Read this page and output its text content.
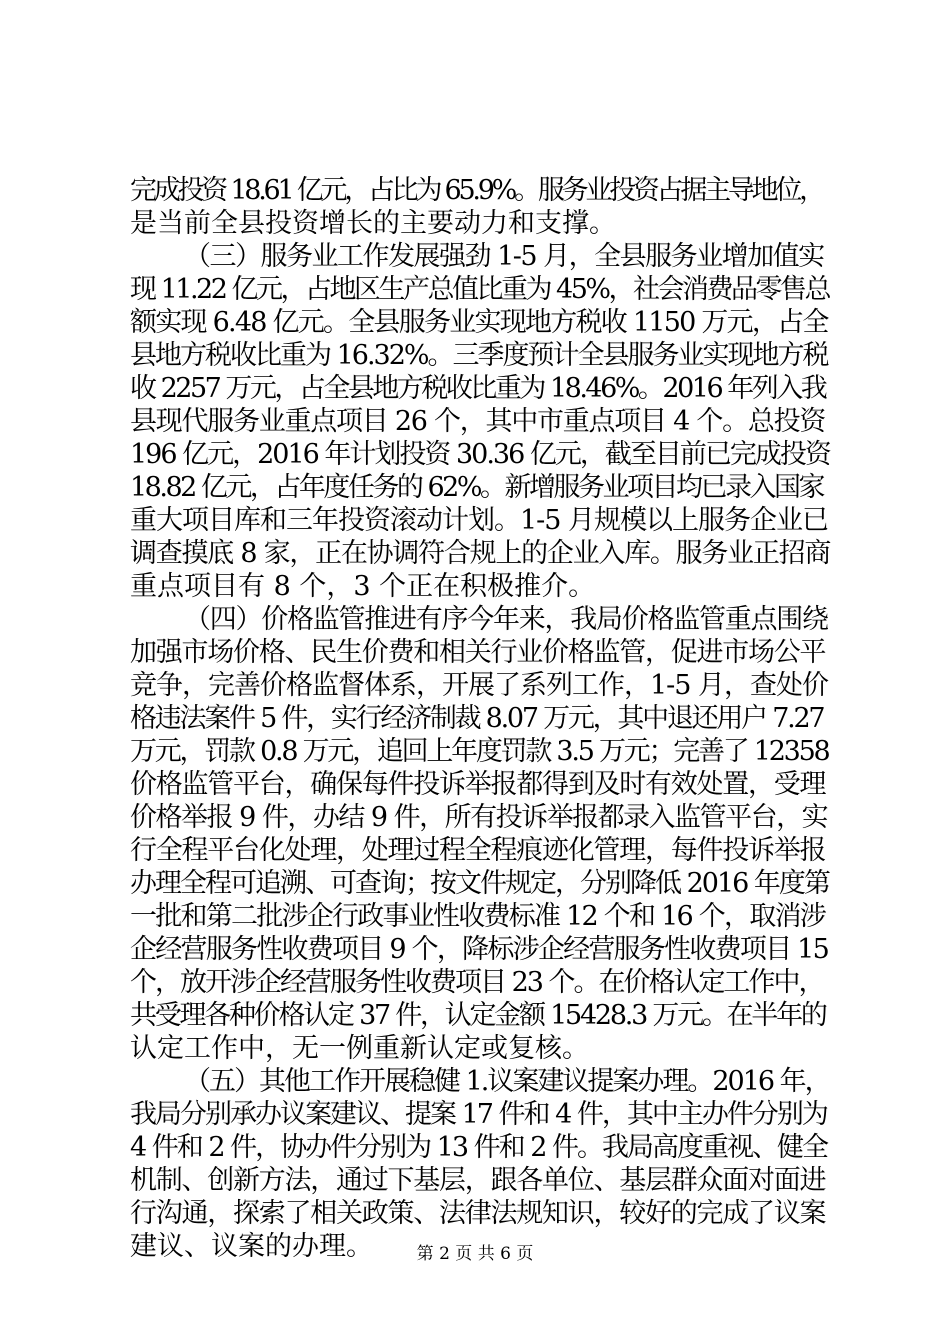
完成投资 18.61 亿元，占比为 65.9%。服务业投资占据主导地位，
是当前全县投资增长的主要动力和支撑。
（三）服务业工作发展强劲 1-5 月，全县服务业增加值实
现 11.22 亿元，占地区生产总值比重为 45%，社会消费品零售总
额实现 6.48 亿元。全县服务业实现地方税收 1150 万元，占全
县地方税收比重为 16.32%。三季度预计全县服务业实现地方税
收 2257 万元，占全县地方税收比重为 18.46%。2016 年列入我
县现代服务业重点项目 26 个，其中市重点项目 4 个。总投资
196 亿元，2016 年计划投资 30.36 亿元，截至目前已完成投资
18.82 亿元，占年度任务的 62%。新增服务业项目均已录入国家
重大项目库和三年投资滚动计划。1-5 月规模以上服务企业已
调查摸底 8 家，正在协调符合规上的企业入库。服务业正招商
重点项目有 8 个，3 个正在积极推介。
（四）价格监管推进有序今年来，我局价格监管重点围绕
加强市场价格、民生价费和相关行业价格监管，促进市场公平
竞争，完善价格监督体系，开展了系列工作，1-5 月，查处价
格违法案件 5 件，实行经济制裁 8.07 万元，其中退还用户 7.27
万元，罚款 0.8 万元，追回上年度罚款 3.5 万元；完善了 12358
价格监管平台，确保每件投诉举报都得到及时有效处置，受理
价格举报 9 件，办结 9 件，所有投诉举报都录入监管平台，实
行全程平台化处理，处理过程全程痕迹化管理，每件投诉举报
办理全程可追溯、可查询；按文件规定，分别降低 2016 年度第
一批和第二批涉企行政事业性收费标准 12 个和 16 个，取消涉
企经营服务性收费项目 9 个，降标涉企经营服务性收费项目 15
个，放开涉企经营服务性收费项目 23 个。在价格认定工作中，
共受理各种价格认定 37 件，认定金额 15428.3 万元。在半年的
认定工作中，无一例重新认定或复核。
（五）其他工作开展稳健 1.议案建议提案办理。2016 年，
我局分别承办议案建议、提案 17 件和 4 件，其中主办件分别为
4 件和 2 件，协办件分别为 13 件和 2 件。我局高度重视、健全
机制、创新方法，通过下基层，跟各单位、基层群众面对面进
行沟通，探索了相关政策、法律法规知识，较好的完成了议案
建议、议案的办理。	第 2 页 共 6 页
